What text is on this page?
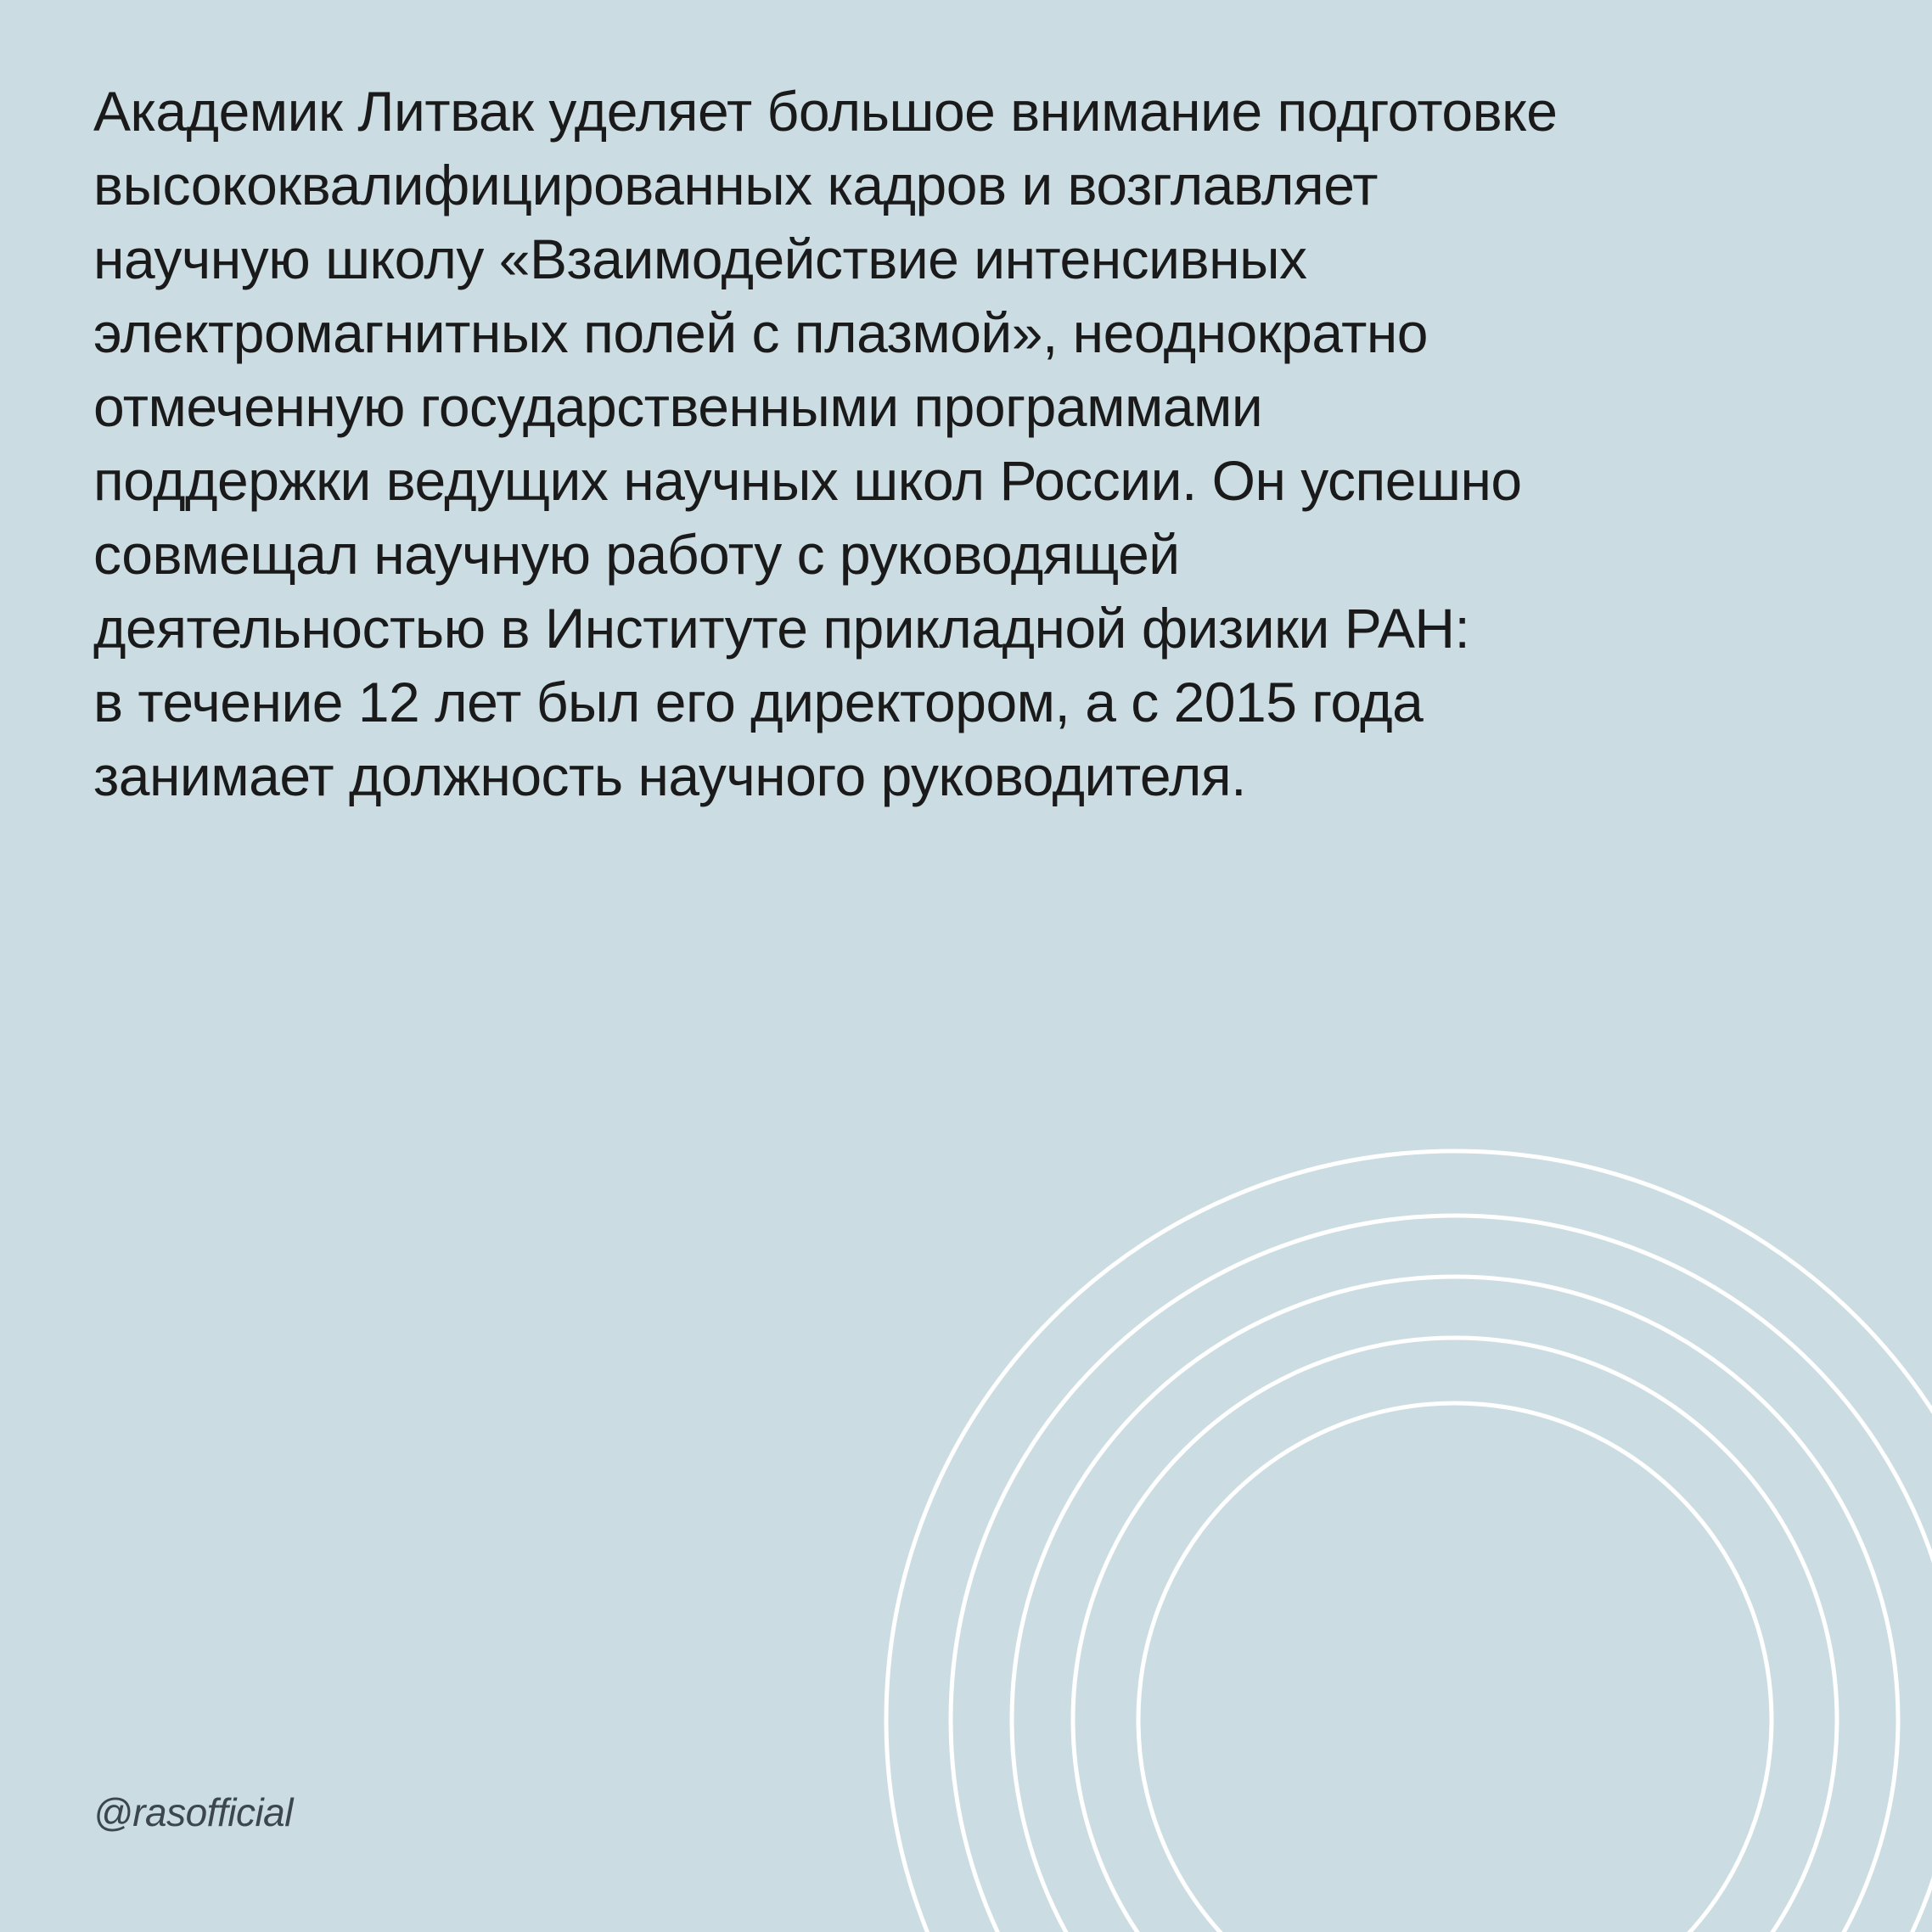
Академик Литвак уделяет большое внимание подготовке
высококвалифицированных кадров и возглавляет
научную школу «Взаимодействие интенсивных
электромагнитных полей с плазмой», неоднократно
отмеченную государственными программами
поддержки ведущих научных школ России. Он успешно
совмещал научную работу с руководящей
деятельностью в Институте прикладной физики РАН:
в течение 12 лет был его директором, а с 2015 года
занимает должность научного руководителя.

@rasofficial
